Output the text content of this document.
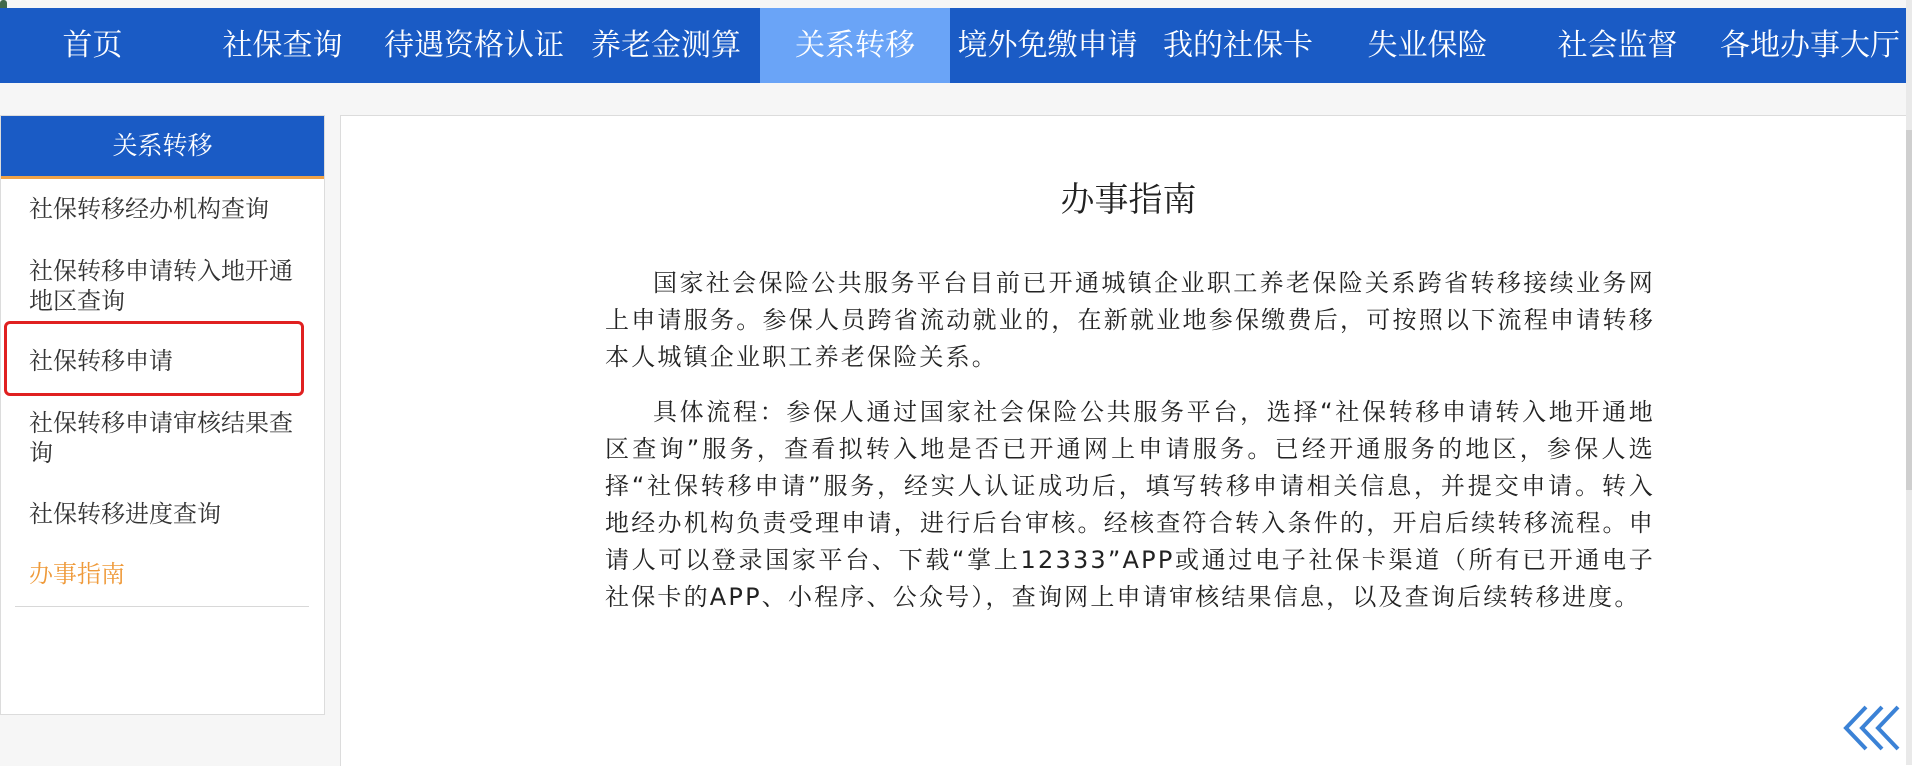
首页	社保查询	待遇资格认证 养老金测算	关系转移	境外免缴申请 我的社保卡	失业保险	社会监督	各地办事大厅
关系转移
社保转移经办机构查询
社保转移申请转入地开通地区查询
社保转移申请
社保转移申请审核结果查询
社保转移进度查询
办事指南
办事指南

国家社会保险公共服务平台目前已开通城镇企业职工养老保险关系跨省转移接续业务网上申请服务。参保人员跨省流动就业的，在新就业地参保缴费后，可按照以下流程申请转移本人城镇企业职工养老保险关系。

具体流程：参保人通过国家社会保险公共服务平台，选择“社保转移申请转入地开通地区查询”服务，查看拟转入地是否已开通网上申请服务。已经开通服务的地区，参保人选择“社保转移申请”服务，经实人认证成功后，填写转移申请相关信息，并提交申请。转入地经办机构负责受理申请，进行后台审核。经核查符合转入条件的，开启后续转移流程。申请人可以登录国家平台、下载“掌上12333”APP或通过电子社保卡渠道（所有已开通电子社保卡的APP、小程序、公众号），查询网上申请审核结果信息，以及查询后续转移进度。
